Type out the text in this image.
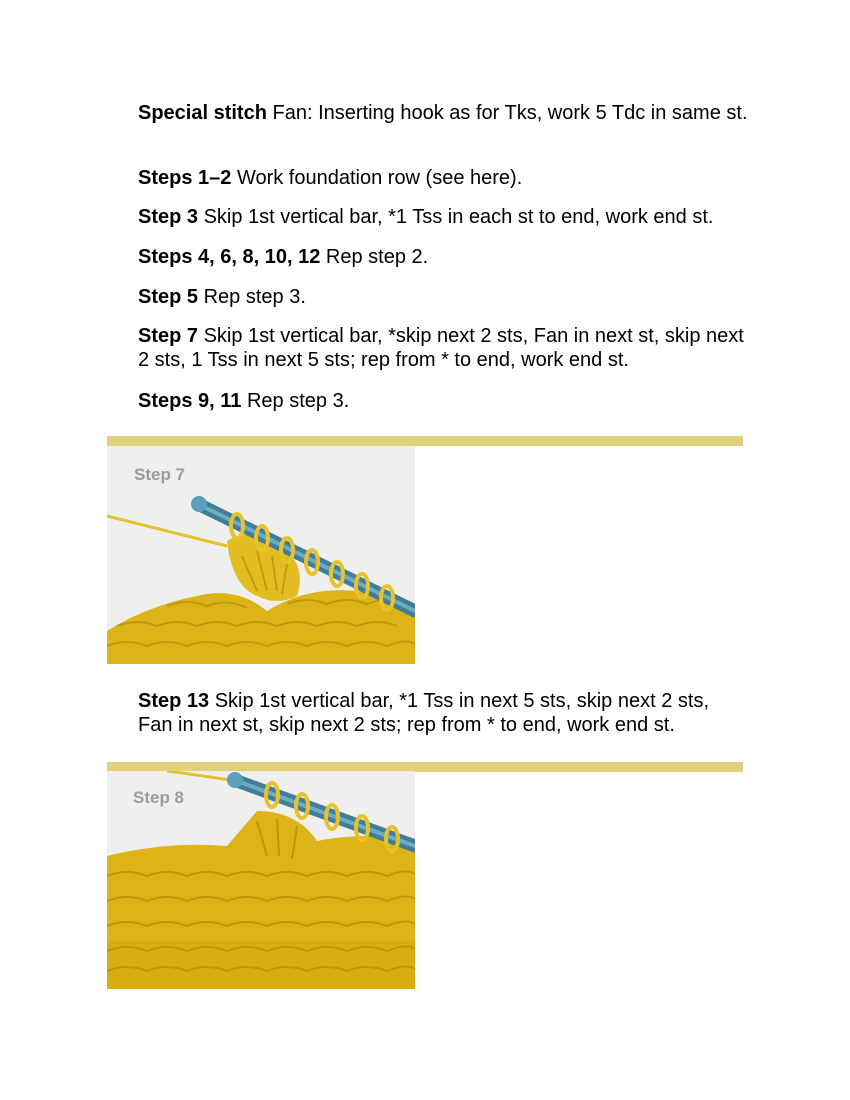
Special stitch Fan: Inserting hook as for Tks, work 5 Tdc in same st.

Steps 1–2 Work foundation row (see here).

Step 3 Skip 1st vertical bar, *1 Tss in each st to end, work end st.

Steps 4, 6, 8, 10, 12 Rep step 2.

Step 5 Rep step 3.

Step 7 Skip 1st vertical bar, *skip next 2 sts, Fan in next st, skip next 2 sts, 1 Tss in next 5 sts; rep from * to end, work end st.

Steps 9, 11 Rep step 3.

Step 7

Step 13 Skip 1st vertical bar, *1 Tss in next 5 sts, skip next 2 sts, Fan in next st, skip next 2 sts; rep from * to end, work end st.

Step 8
